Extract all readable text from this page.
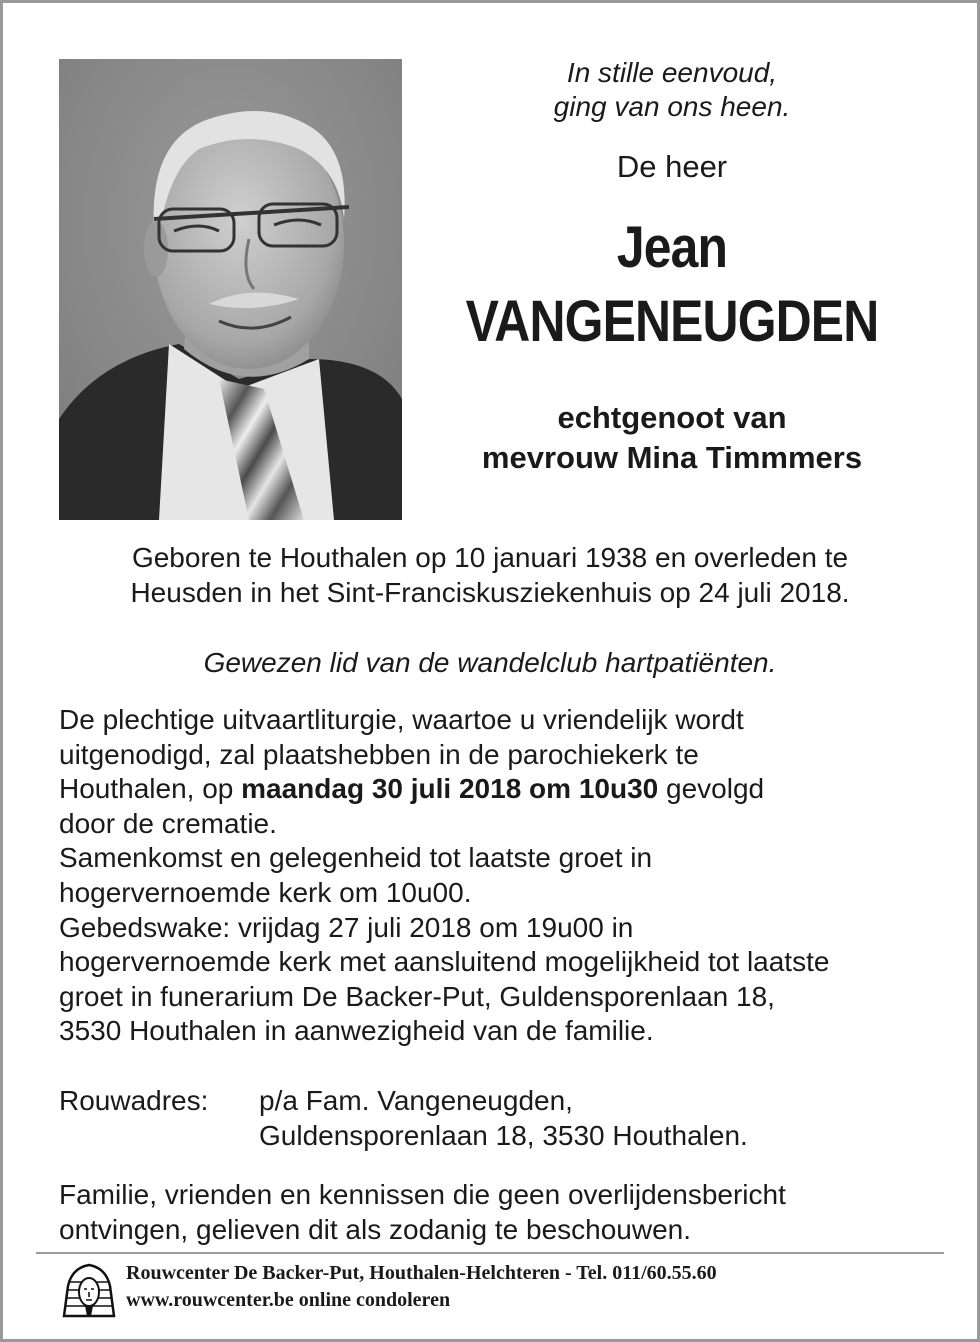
In stille eenvoud,
ging van ons heen.
De heer
Jean
VANGENEUGDEN
echtgenoot van
mevrouw Mina Timmmers
Geboren te Houthalen op 10 januari 1938 en overleden te
Heusden in het Sint-Franciskusziekenhuis op 24 juli 2018.
Gewezen lid van de wandelclub hartpatiënten.

De plechtige uitvaartliturgie, waartoe u vriendelijk wordt

uitgenodigd, zal plaatshebben in de parochiekerk te

Houthalen, op maandag 30 juli 2018 om 10u30 gevolgd

door de crematie.

Samenkomst en gelegenheid tot laatste groet in

hogervernoemde kerk om 10u00.

Gebedswake: vrijdag 27 juli 2018 om 19u00 in

hogervernoemde kerk met aansluitend mogelijkheid tot laatste

groet in funerarium De Backer-Put, Guldensporenlaan 18,

3530 Houthalen in aanwezigheid van de familie.

Rouwadres: p/a Fam. Vangeneugden,
Guldensporenlaan 18, 3530 Houthalen.
Familie, vrienden en kennissen die geen overlijdensbericht
ontvingen, gelieven dit als zodanig te beschouwen.
Rouwcenter De Backer-Put, Houthalen-Helchteren - Tel. 011/60.55.60
www.rouwcenter.be online condoleren
